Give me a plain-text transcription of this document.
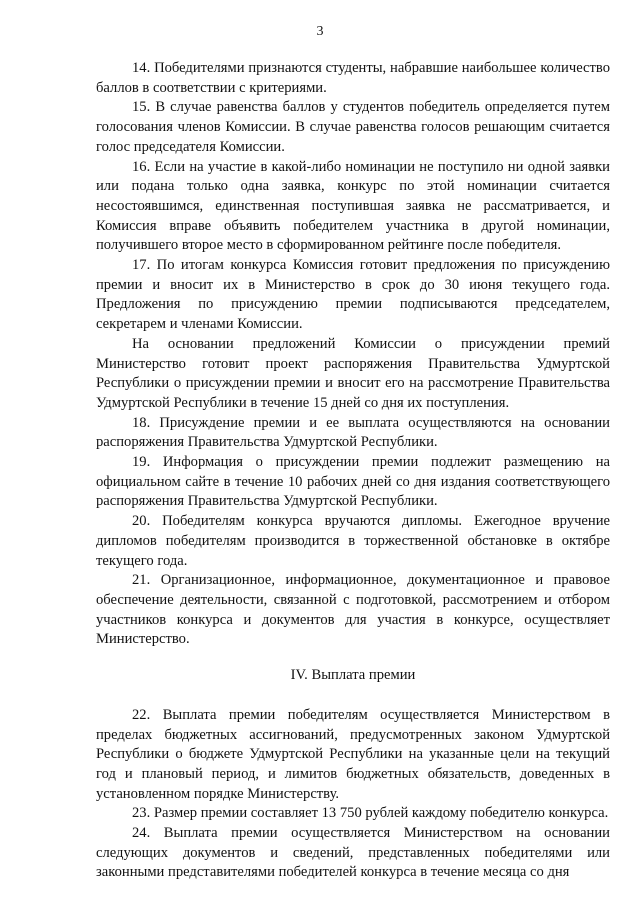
3

14. Победителями признаются студенты, набравшие наибольшее количество баллов в соответствии с критериями.

15. В случае равенства баллов у студентов победитель определяется путем голосования членов Комиссии. В случае равенства голосов решающим считается голос председателя Комиссии.

16. Если на участие в какой-либо номинации не поступило ни одной заявки или подана только одна заявка, конкурс по этой номинации считается несостоявшимся, единственная поступившая заявка не рассматривается, и Комиссия вправе объявить победителем участника в другой номинации, получившего второе место в сформированном рейтинге после победителя.

17. По итогам конкурса Комиссия готовит предложения по присуждению премии и вносит их в Министерство в срок до 30 июня текущего года. Предложения по присуждению премии подписываются председателем, секретарем и членами Комиссии.

На основании предложений Комиссии о присуждении премий Министерство готовит проект распоряжения Правительства Удмуртской Республики о присуждении премии и вносит его на рассмотрение Правительства Удмуртской Республики в течение 15 дней со дня их поступления.

18. Присуждение премии и ее выплата осуществляются на основании распоряжения Правительства Удмуртской Республики.

19. Информация о присуждении премии подлежит размещению на официальном сайте в течение 10 рабочих дней со дня издания соответствующего распоряжения Правительства Удмуртской Республики.

20. Победителям конкурса вручаются дипломы. Ежегодное вручение дипломов победителям производится в торжественной обстановке в октябре текущего года.

21. Организационное, информационное, документационное и правовое обеспечение деятельности, связанной с подготовкой, рассмотрением и отбором участников конкурса и документов для участия в конкурсе, осуществляет Министерство.

IV. Выплата премии

22. Выплата премии победителям осуществляется Министерством в пределах бюджетных ассигнований, предусмотренных законом Удмуртской Республики о бюджете Удмуртской Республики на указанные цели на текущий год и плановый период, и лимитов бюджетных обязательств, доведенных в установленном порядке Министерству.

23. Размер премии составляет 13 750 рублей каждому победителю конкурса.

24. Выплата премии осуществляется Министерством на основании следующих документов и сведений, представленных победителями или законными представителями победителей конкурса в течение месяца со дня
